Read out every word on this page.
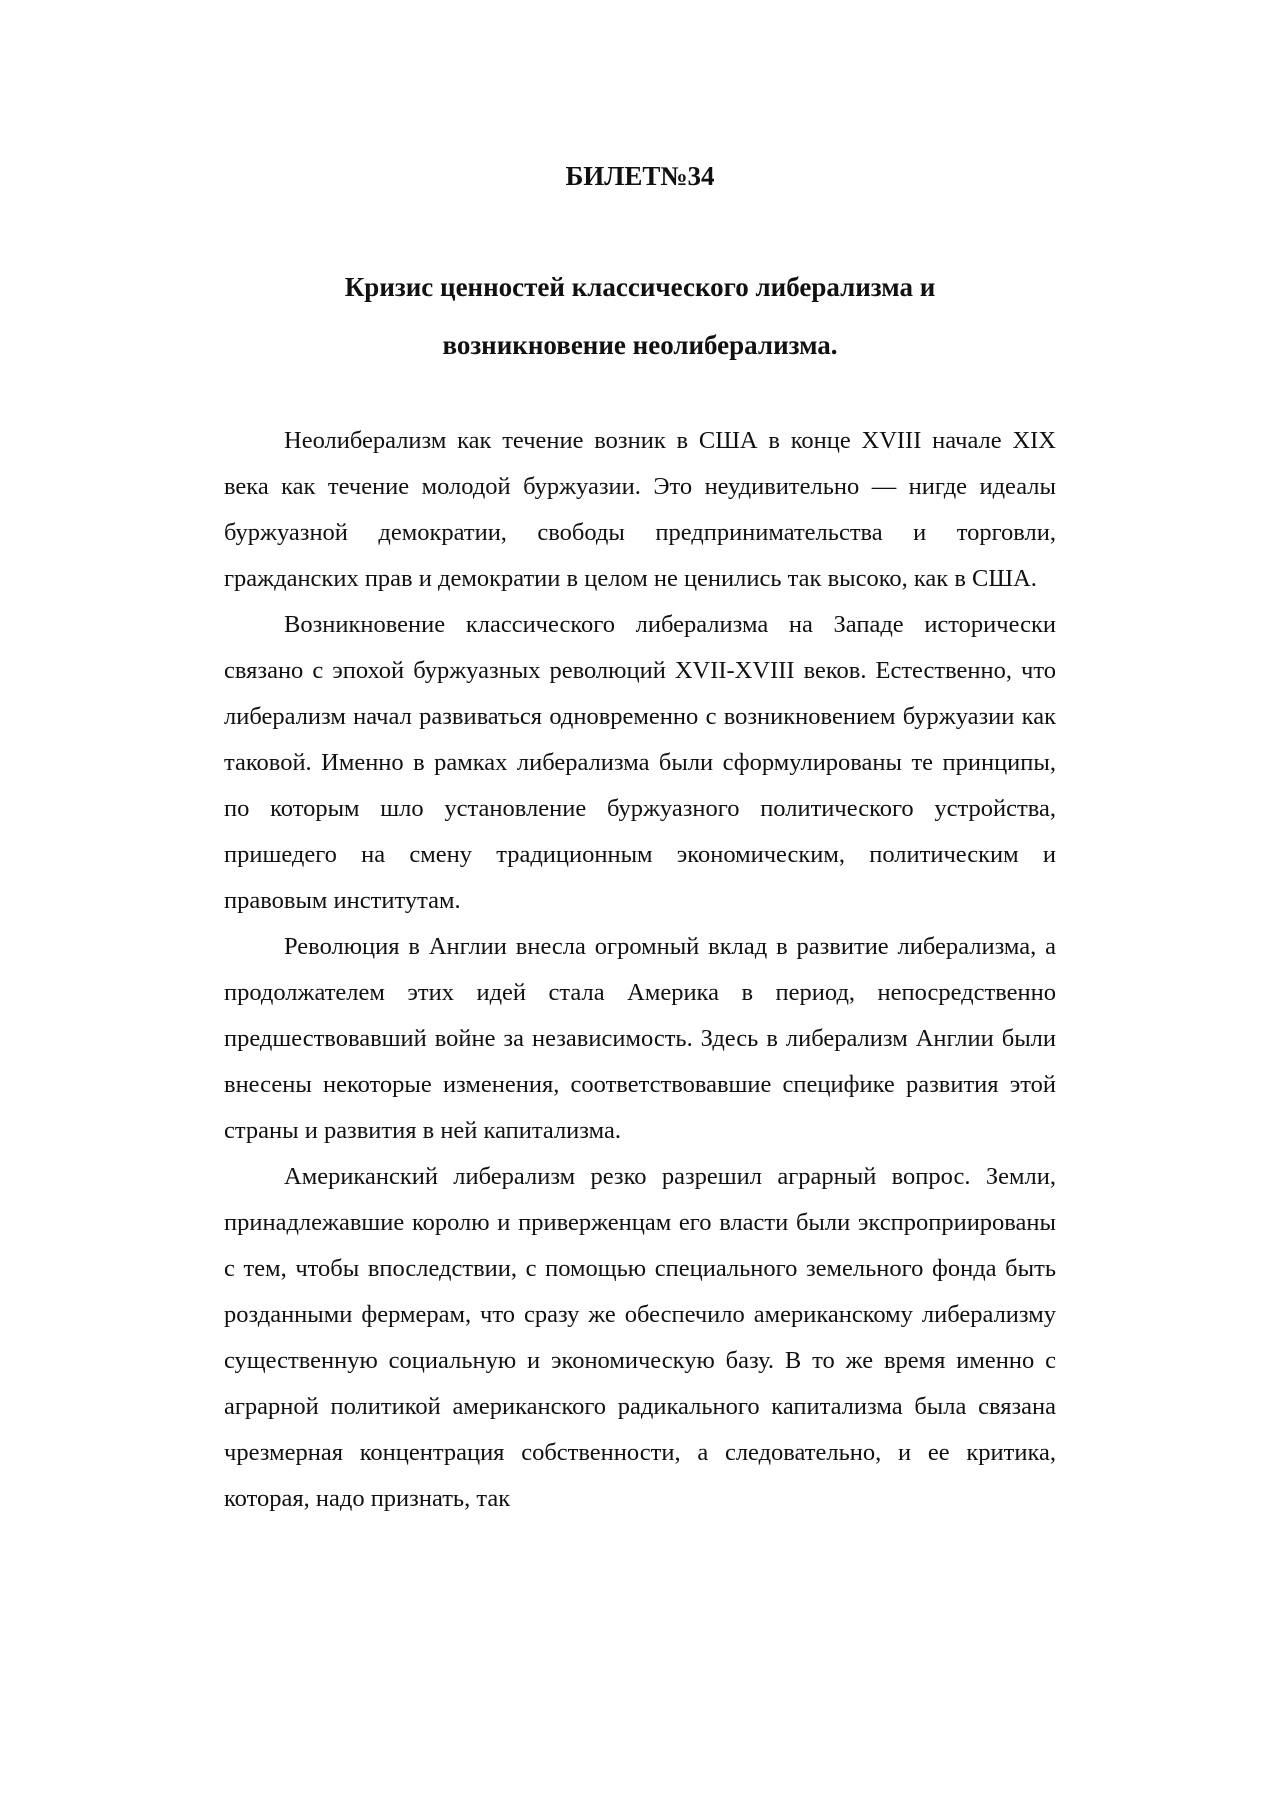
БИЛЕТ№34
Кризис ценностей классического либерализма и
возникновение неолиберализма.

Неолиберализм как течение возник в США в конце XVIII начале XIX века как течение молодой буржуазии. Это неудивительно — нигде идеалы буржуазной демократии, свободы предпринимательства и торговли, гражданских прав и демократии в целом не ценились так высоко, как в США.

Возникновение классического либерализма на Западе исторически связано с эпохой буржуазных революций XVII-XVIII веков. Естественно, что либерализм начал развиваться одновременно с возникновением буржуазии как таковой. Именно в рамках либерализма были сформулированы те принципы, по которым шло установление буржуазного политического устройства, пришедего на смену традиционным экономическим, политическим и правовым институтам.

Революция в Англии внесла огромный вклад в развитие либерализма, а продолжателем этих идей стала Америка в период, непосредственно предшествовавший войне за независимость. Здесь в либерализм Англии были внесены некоторые изменения, соответствовавшие специфике развития этой страны и развития в ней капитализма.

Американский либерализм резко разрешил аграрный вопрос. Земли, принадлежавшие королю и приверженцам его власти были экспроприированы с тем, чтобы впоследствии, с помощью специального земельного фонда быть розданными фермерам, что сразу же обеспечило американскому либерализму существенную социальную и экономическую базу. В то же время именно с аграрной политикой американского радикального капитализма была связана чрезмерная концентрация собственности, а следовательно, и ее критика, которая, надо признать, так
